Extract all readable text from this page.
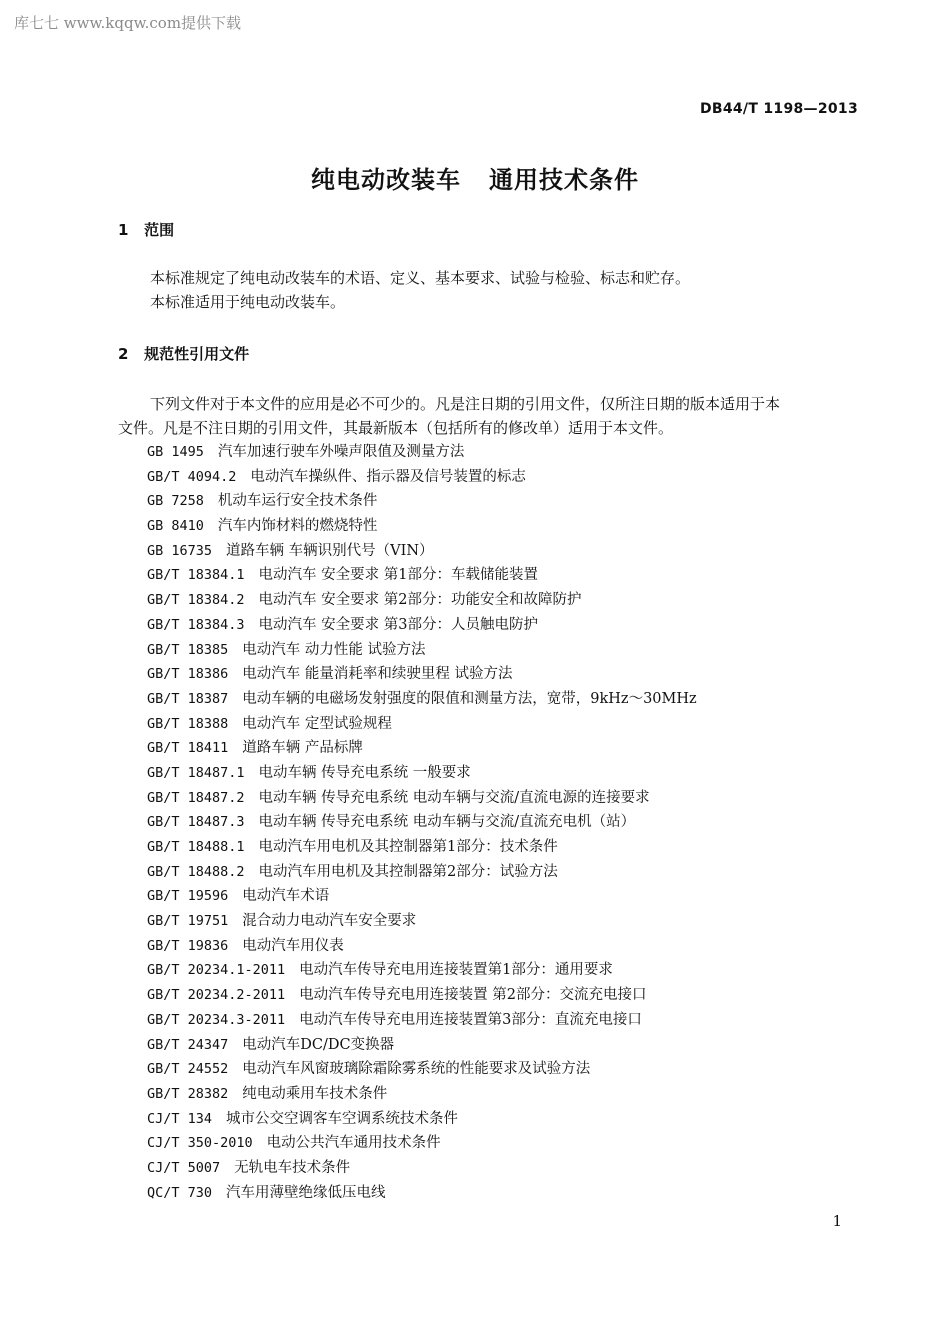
库七七 www.kqqw.com提供下载
DB44/T 1198—2013
纯电动改装车   通用技术条件
1   范围
本标准规定了纯电动改装车的术语、定义、基本要求、试验与检验、标志和贮存。
本标准适用于纯电动改装车。
2   规范性引用文件
下列文件对于本文件的应用是必不可少的。凡是注日期的引用文件，仅所注日期的版本适用于本
文件。凡是不注日期的引用文件，其最新版本（包括所有的修改单）适用于本文件。
GB 1495 汽车加速行驶车外噪声限值及测量方法
GB/T 4094.2 电动汽车操纵件、指示器及信号装置的标志
GB 7258 机动车运行安全技术条件
GB 8410 汽车内饰材料的燃烧特性
GB 16735 道路车辆 车辆识别代号（VIN）
GB/T 18384.1 电动汽车 安全要求 第1部分：车载储能装置
GB/T 18384.2 电动汽车 安全要求 第2部分：功能安全和故障防护
GB/T 18384.3 电动汽车 安全要求 第3部分：人员触电防护
GB/T 18385 电动汽车 动力性能 试验方法
GB/T 18386 电动汽车 能量消耗率和续驶里程 试验方法
GB/T 18387 电动车辆的电磁场发射强度的限值和测量方法，宽带，9kHz～30MHz
GB/T 18388 电动汽车 定型试验规程
GB/T 18411 道路车辆 产品标牌
GB/T 18487.1 电动车辆 传导充电系统 一般要求
GB/T 18487.2 电动车辆 传导充电系统 电动车辆与交流/直流电源的连接要求
GB/T 18487.3 电动车辆 传导充电系统 电动车辆与交流/直流充电机（站）
GB/T 18488.1 电动汽车用电机及其控制器第1部分：技术条件
GB/T 18488.2 电动汽车用电机及其控制器第2部分：试验方法
GB/T 19596 电动汽车术语
GB/T 19751 混合动力电动汽车安全要求
GB/T 19836 电动汽车用仪表
GB/T 20234.1-2011 电动汽车传导充电用连接装置第1部分：通用要求
GB/T 20234.2-2011 电动汽车传导充电用连接装置 第2部分：交流充电接口
GB/T 20234.3-2011 电动汽车传导充电用连接装置第3部分：直流充电接口
GB/T 24347 电动汽车DC/DC变换器
GB/T 24552 电动汽车风窗玻璃除霜除雾系统的性能要求及试验方法
GB/T 28382 纯电动乘用车技术条件
CJ/T 134 城市公交空调客车空调系统技术条件
CJ/T 350-2010 电动公共汽车通用技术条件
CJ/T 5007 无轨电车技术条件
QC/T 730 汽车用薄壁绝缘低压电线
1
